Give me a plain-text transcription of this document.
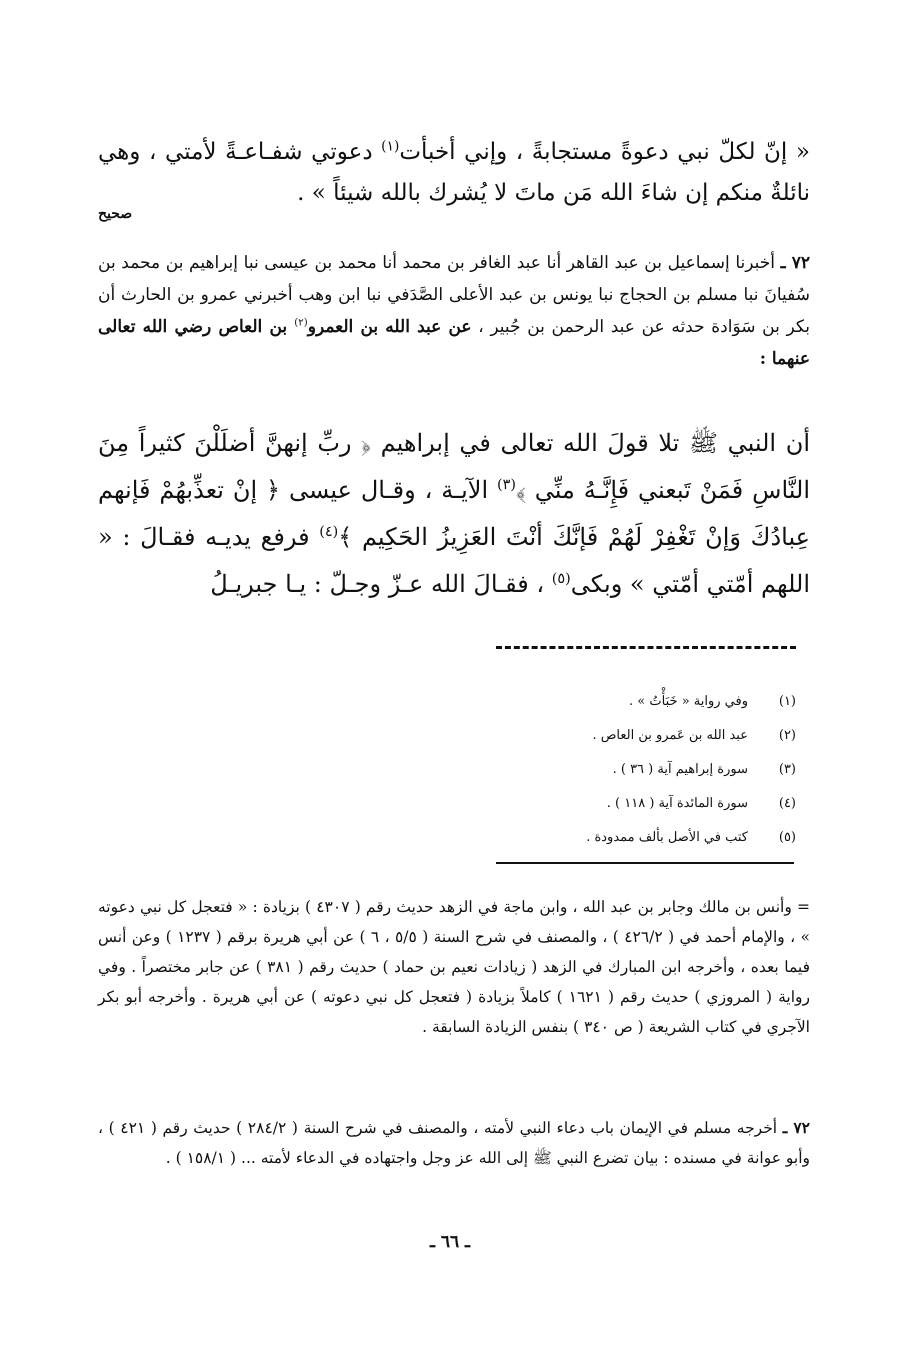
« إنّ لكلّ نبي دعوةً مستجابةً ، وإني أخبأت$^{(١)}$ دعوتي شفـاعـةً لأمتي ، وهي نائلةٌ منكم إن شاءَ الله مَن ماتَ لا يُشرك بالله شيئاً » .
صحيح
٧٢ ـ أخبرنا إسماعيل بن عبد القاهر أنا عبد الغافر بن محمد أنا محمد بن عيسى نبا إبراهيم بن محمد بن سُفيانَ نبا مسلم بن الحجاج نبا يونس بن عبد الأعلى الصَّدَفي نبا ابن وهب أخبرني عمرو بن الحارث أن بكر بن سَوَادة حدثه عن عبد الرحمن بن جُبير ، عن عبد الله بن العمرو$^{(٢)}$ بن العاص رضي الله تعالى عنهما :
أن النبي ﷺ تلا قولَ الله تعالى في إبراهيم ﴿ ربِّ إنهنَّ أضلَلْنَ كثيراً مِنَ النَّاسِ فَمَنْ تَبعني فَإِنَّـهُ منِّي ﴾$^{(٣)}$ الآيـة ، وقـال عيسى ﴿ إنْ تعذِّبهُمْ فَإنهم عِبادُكَ وَإنْ تَغْفِرْ لَهُمْ فَإنَّكَ أنْتَ العَزِيزُ الحَكِيم ﴾$^{(٤)}$ فرفع يديـه فقـالَ : « اللهم أمّتي أمّتي » وبكى$^{(٥)}$ ، فقـالَ الله عـزّ وجـلّ : يـا جبريـلُ
(١)
وفي رواية « خَبَأْتُ » .
(٢)
عبد الله بن عَمرو بن العاص .
(٣)
سورة إبراهيم آية ( ٣٦ ) .
(٤)
سورة المائدة آية ( ١١٨ ) .
(٥)
كتب في الأصل بألف ممدودة .
= وأنس بن مالك وجابر بن عبد الله ، وابن ماجة في الزهد حديث رقم ( ٤٣٠٧ ) بزيادة : « فتعجل كل نبي دعوته » ، والإمام أحمد في ( ٤٢٦/٢ ) ، والمصنف في شرح السنة ( ٥/٥ ، ٦ ) عن أبي هريرة برقم ( ١٢٣٧ ) وعن أنس فيما بعده ، وأخرجه ابن المبارك في الزهد ( زيادات نعيم بن حماد ) حديث رقم ( ٣٨١ ) عن جابر مختصراً . وفي رواية ( المروزي ) حديث رقم ( ١٦٢١ ) كاملاً بزيادة ( فتعجل كل نبي دعوته ) عن أبي هريرة . وأخرجه أبو بكر الآجري في كتاب الشريعة ( ص ٣٤٠ ) بنفس الزيادة السابقة .
٧٢ ـ أخرجه مسلم في الإيمان باب دعاء النبي لأمته ، والمصنف في شرح السنة ( ٢٨٤/٢ ) حديث رقم ( ٤٢١ ) ، وأبو عوانة في مسنده : بيان تضرع النبي ﷺ إلى الله عز وجل واجتهاده في الدعاء لأمته ... ( ١٥٨/١ ) .
ـ ٦٦ ـ
